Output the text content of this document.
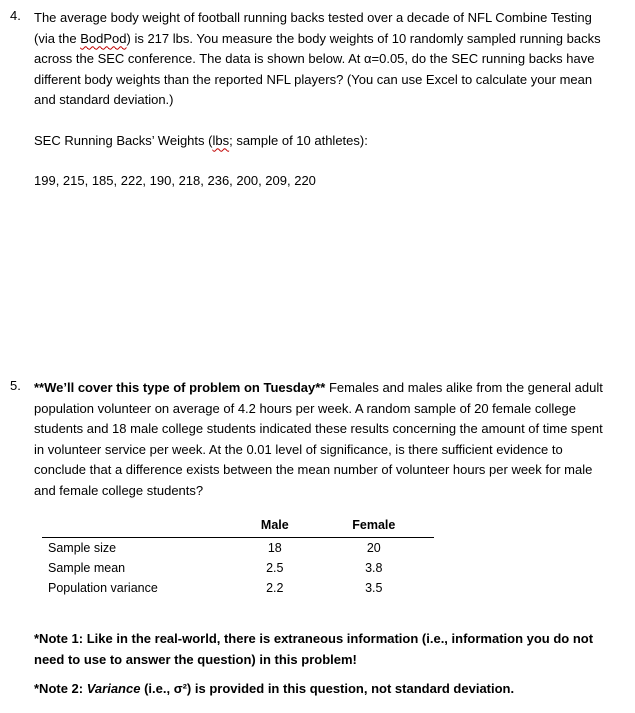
4. The average body weight of football running backs tested over a decade of NFL Combine Testing (via the BodPod) is 217 lbs. You measure the body weights of 10 randomly sampled running backs across the SEC conference. The data is shown below. At α=0.05, do the SEC running backs have different body weights than the reported NFL players? (You can use Excel to calculate your mean and standard deviation.)

SEC Running Backs’ Weights (lbs; sample of 10 athletes):

199, 215, 185, 222, 190, 218, 236, 200, 209, 220

5. **We’ll cover this type of problem on Tuesday** Females and males alike from the general adult population volunteer on average of 4.2 hours per week. A random sample of 20 female college students and 18 male college students indicated these results concerning the amount of time spent in volunteer service per week. At the 0.01 level of significance, is there sufficient evidence to conclude that a difference exists between the mean number of volunteer hours per week for male and female college students?

	Male	Female
Sample size	18	20
Sample mean	2.5	3.8
Population variance	2.2	3.5

*Note 1: Like in the real-world, there is extraneous information (i.e., information you do not need to use to answer the question) in this problem!

*Note 2: Variance (i.e., σ²) is provided in this question, not standard deviation.
